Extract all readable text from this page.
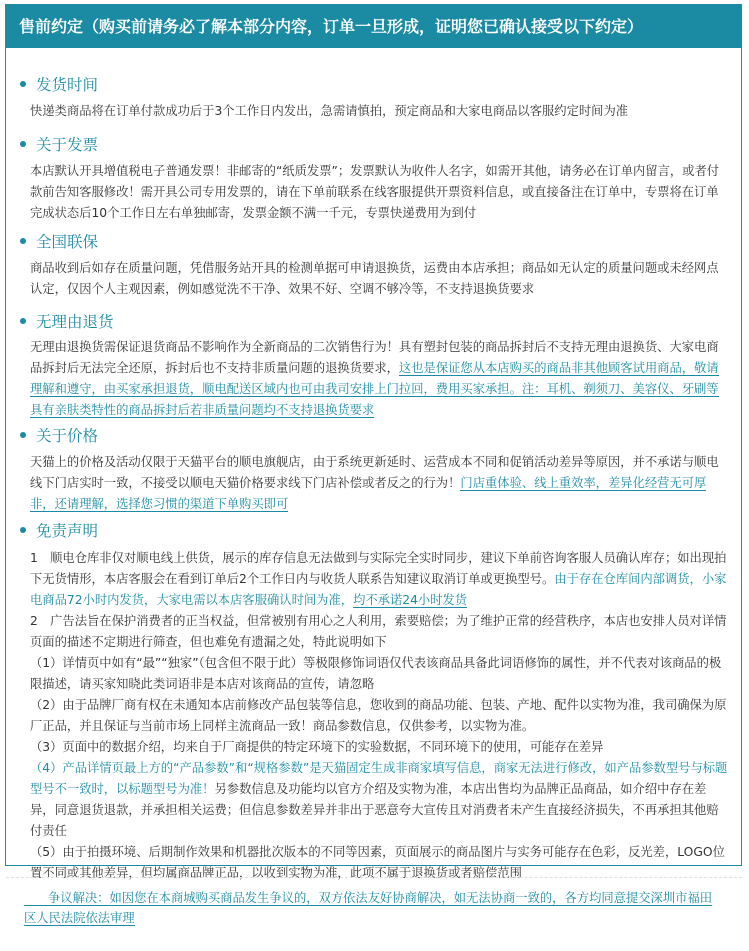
售前约定（购买前请务必了解本部分内容，订单一旦形成，证明您已确认接受以下约定）
发货时间

快递类商品将在订单付款成功后于3个工作日内发出，急需请慎拍，预定商品和大家电商品以客服约定时间为准

关于发票

本店默认开具增值税电子普通发票！非邮寄的“纸质发票”；发票默认为收件人名字，如需开其他，请务必在订单内留言，或者付款前告知客服修改！需开具公司专用发票的，请在下单前联系在线客服提供开票资料信息，或直接备注在订单中，专票将在订单完成状态后10个工作日左右单独邮寄，发票金额不满一千元，专票快递费用为到付

全国联保

商品收到后如存在质量问题，凭借服务站开具的检测单据可申请退换货，运费由本店承担；商品如无认定的质量问题或未经网点认定，仅因个人主观因素，例如感觉洗不干净、效果不好、空调不够冷等，不支持退换货要求

无理由退货

无理由退换货需保证退货商品不影响作为全新商品的二次销售行为！具有塑封包装的商品拆封后不支持无理由退换货、大家电商品拆封后无法完全还原，拆封后也不支持非质量问题的退换货要求，这也是保证您从本店购买的商品非其他顾客试用商品，敬请理解和遵守，由买家承担退货，顺电配送区域内也可由我司安排上门拉回，费用买家承担。注：耳机、剃须刀、美容仪、牙刷等具有亲肤类特性的商品拆封后若非质量问题均不支持退换货要求

关于价格

天猫上的价格及活动仅限于天猫平台的顺电旗舰店，由于系统更新延时、运营成本不同和促销活动差异等原因，并不承诺与顺电线下门店实时一致，不接受以顺电天猫价格要求线下门店补偿或者反之的行为！门店重体验、线上重效率，差异化经营无可厚非，还请理解，选择您习惯的渠道下单购买即可

免责声明

1　顺电仓库非仅对顺电线上供货，展示的库存信息无法做到与实际完全实时同步，建议下单前咨询客服人员确认库存；如出现拍下无货情形，本店客服会在看到订单后2个工作日内与收货人联系告知建议取消订单或更换型号。由于存在仓库间内部调货，小家电商品72小时内发货，大家电需以本店客服确认时间为准，均不承诺24小时发货

2　广告法旨在保护消费者的正当权益，但常被别有用心之人利用，索要赔偿；为了维护正常的经营秩序，本店也安排人员对详情页面的描述不定期进行筛查，但也难免有遗漏之处，特此说明如下

（1）详情页中如有“最”“独家”（包含但不限于此）等极限修饰词语仅代表该商品具备此词语修饰的属性，并不代表对该商品的极限描述，请买家知晓此类词语非是本店对该商品的宣传，请忽略

（2）由于品牌厂商有权在未通知本店前修改产品包装等信息，您收到的商品功能、包装、产地、配件以实物为准，我司确保为原厂正品，并且保证与当前市场上同样主流商品一致！商品参数信息，仅供参考，以实物为准。

（3）页面中的数据介绍，均来自于厂商提供的特定环境下的实验数据，不同环境下的使用，可能存在差异

（4）产品详情页最上方的“产品参数”和“规格参数”是天猫固定生成非商家填写信息，商家无法进行修改，如产品参数型号与标题型号不一致时，以标题型号为准！另参数信息及功能均以官方介绍及实物为准，本店出售均为品牌正品商品，如介绍中存在差异，同意退货退款，并承担相关运费；但信息参数差异并非出于恶意夸大宣传且对消费者未产生直接经济损失，不再承担其他赔付责任

（5）由于拍摄环境、后期制作效果和机器批次版本的不同等因素，页面展示的商品图片与实务可能存在色彩，反光差，LOGO位置不同或其他差异，但均属商品牌正品，以收到实物为准，此项不属于退换货或者赔偿范围

争议解决：如因您在本商城购买商品发生争议的，双方依法友好协商解决，如无法协商一致的，各方均同意提交深圳市福田区人民法院依法审理
